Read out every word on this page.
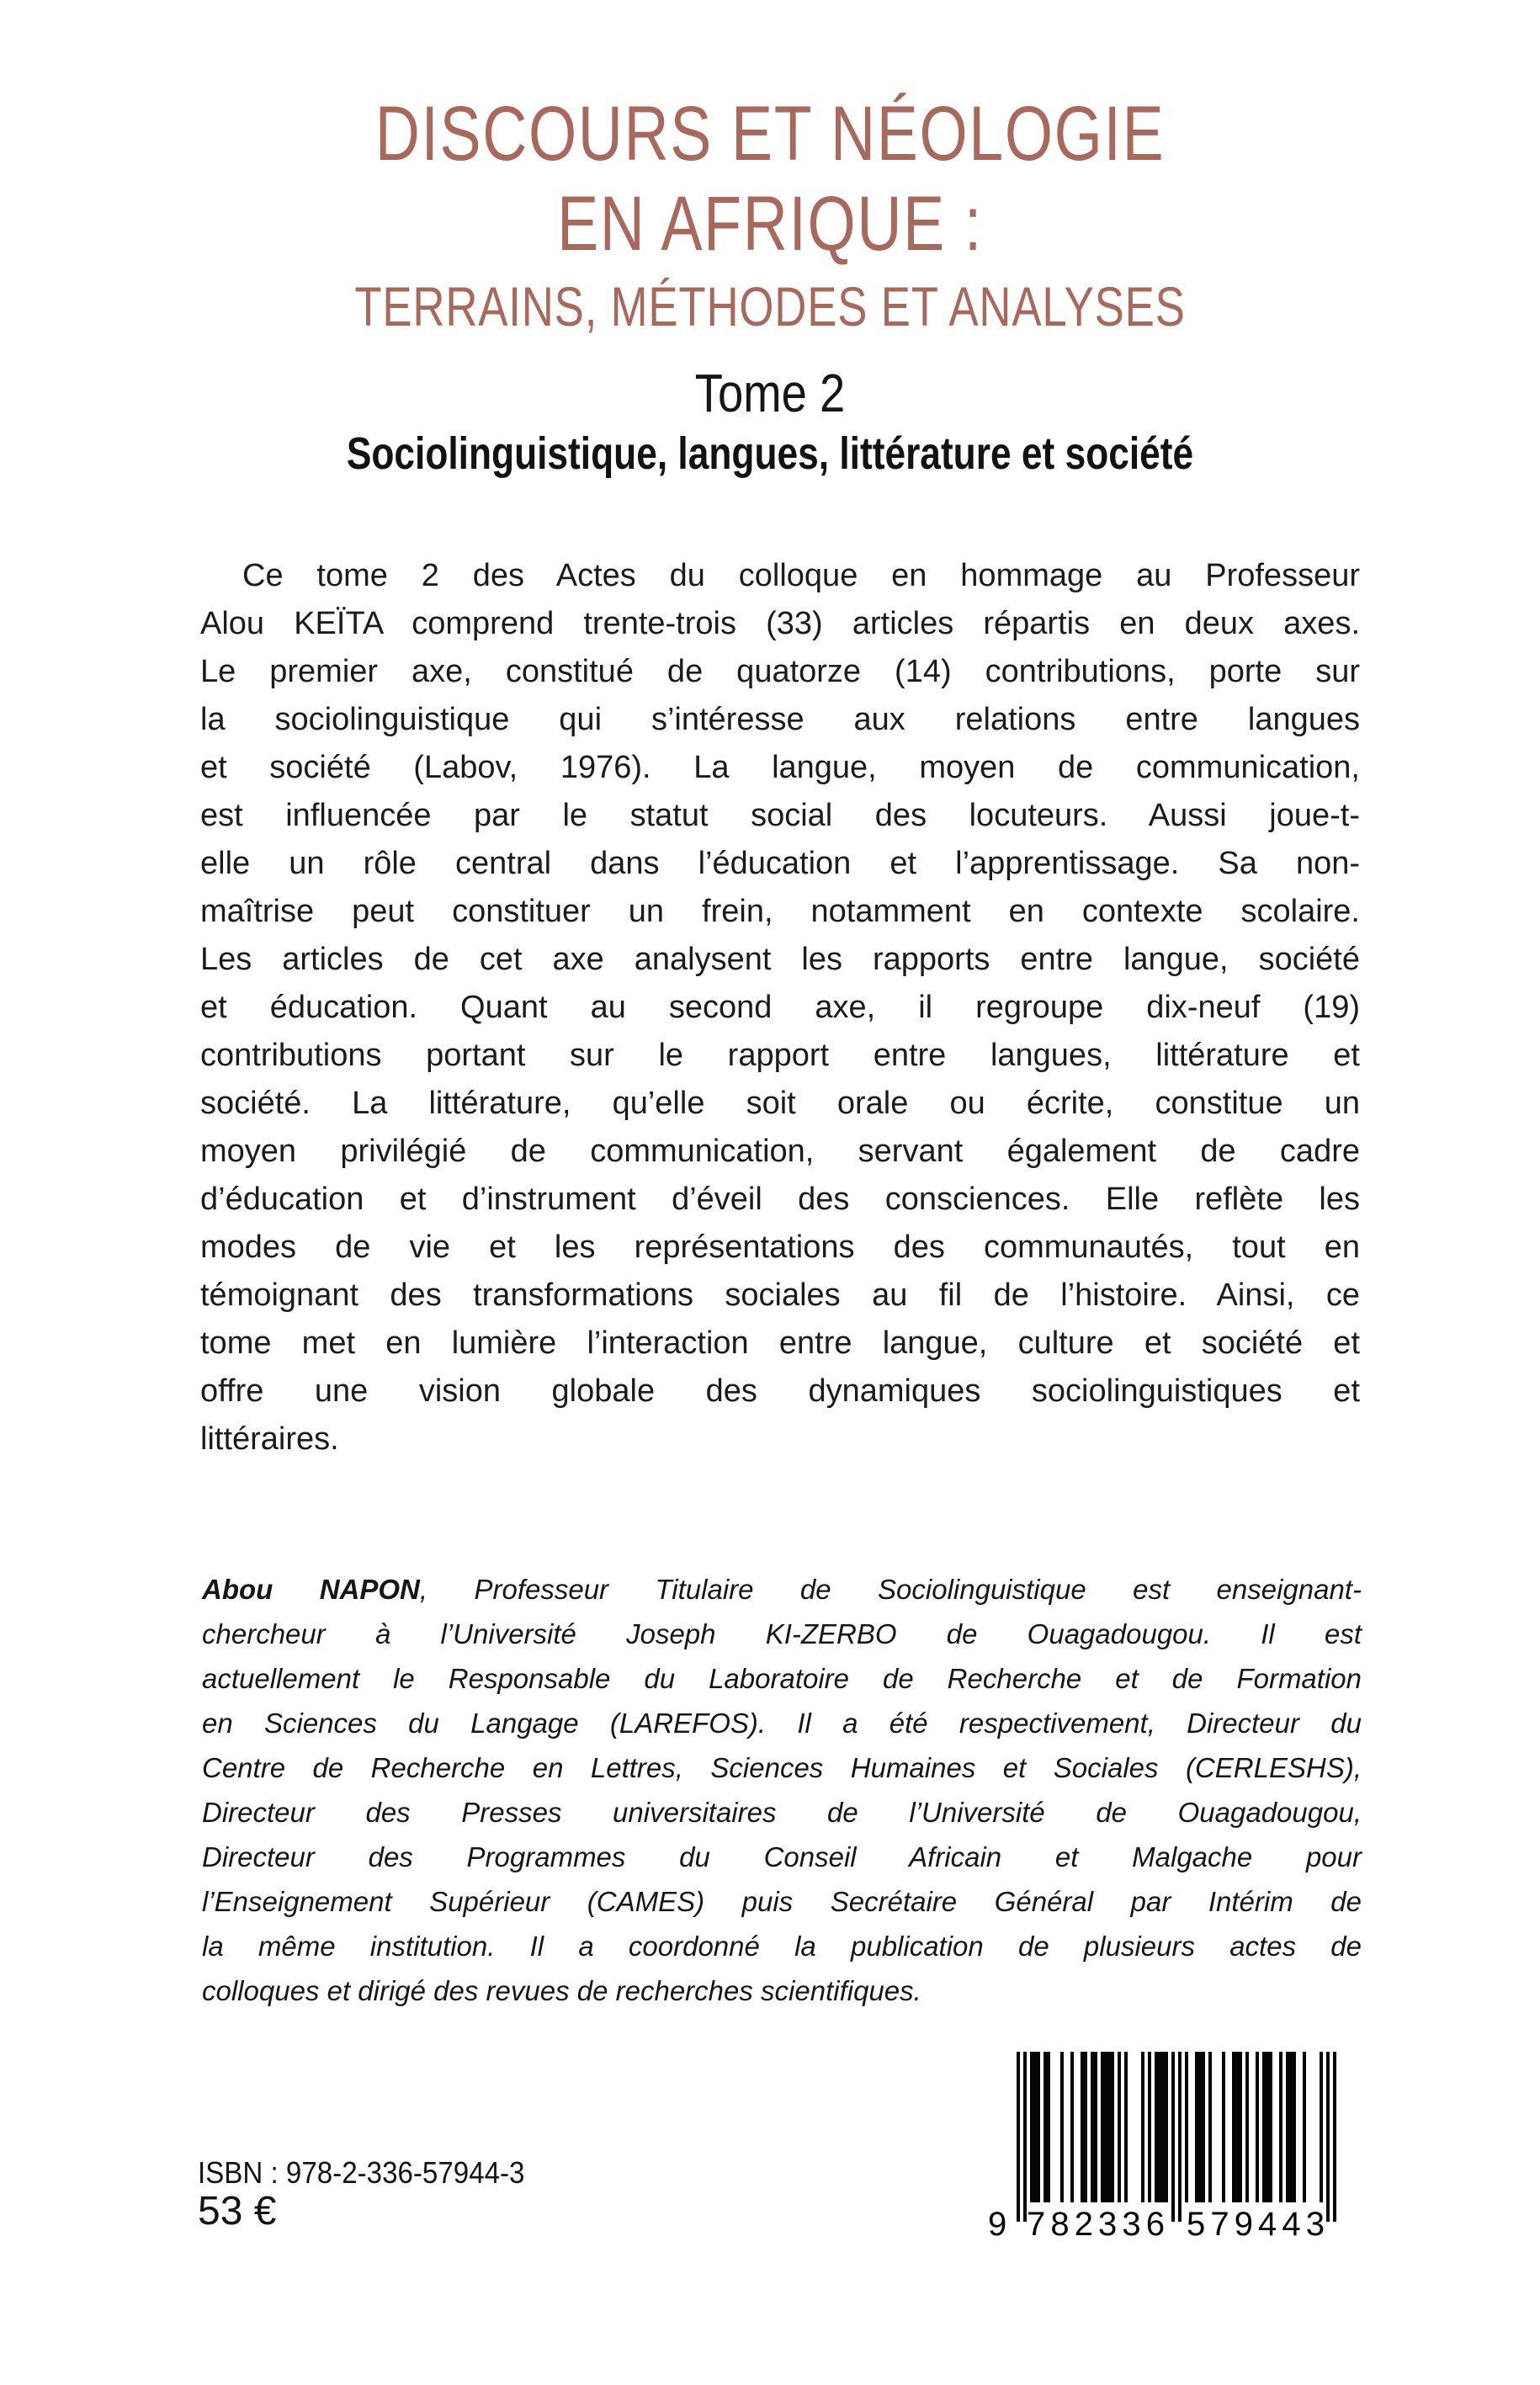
DISCOURS ET NÉOLOGIE
EN AFRIQUE :
TERRAINS, MÉTHODES ET ANALYSES
Tome 2
Sociolinguistique, langues, littérature et société
Ce tome 2 des Actes du colloque en hommage au Professeur
Alou KEÏTA comprend trente-trois (33) articles répartis en deux axes.
Le premier axe, constitué de quatorze (14) contributions, porte sur
la sociolinguistique qui s’intéresse aux relations entre langues
et société (Labov, 1976). La langue, moyen de communication,
est influencée par le statut social des locuteurs. Aussi joue-t-
elle un rôle central dans l’éducation et l’apprentissage. Sa non-
maîtrise peut constituer un frein, notamment en contexte scolaire.
Les articles de cet axe analysent les rapports entre langue, société
et éducation. Quant au second axe, il regroupe dix-neuf (19)
contributions portant sur le rapport entre langues, littérature et
société. La littérature, qu’elle soit orale ou écrite, constitue un
moyen privilégié de communication, servant également de cadre
d’éducation et d’instrument d’éveil des consciences. Elle reflète les
modes de vie et les représentations des communautés, tout en
témoignant des transformations sociales au fil de l’histoire. Ainsi, ce
tome met en lumière l’interaction entre langue, culture et société et
offre une vision globale des dynamiques sociolinguistiques et
littéraires.
Abou NAPON, Professeur Titulaire de Sociolinguistique est enseignant-
chercheur à l’Université Joseph KI-ZERBO de Ouagadougou. Il est
actuellement le Responsable du Laboratoire de Recherche et de Formation
en Sciences du Langage (LAREFOS). Il a été respectivement, Directeur du
Centre de Recherche en Lettres, Sciences Humaines et Sociales (CERLESHS),
Directeur des Presses universitaires de l’Université de Ouagadougou,
Directeur des Programmes du Conseil Africain et Malgache pour
l’Enseignement Supérieur (CAMES) puis Secrétaire Général par Intérim de
la même institution. Il a coordonné la publication de plusieurs actes de
colloques et dirigé des revues de recherches scientifiques.
ISBN : 978-2-336-57944-3
53 €	9 7 8 2 3 3 6 5 7 9 4 4 3
